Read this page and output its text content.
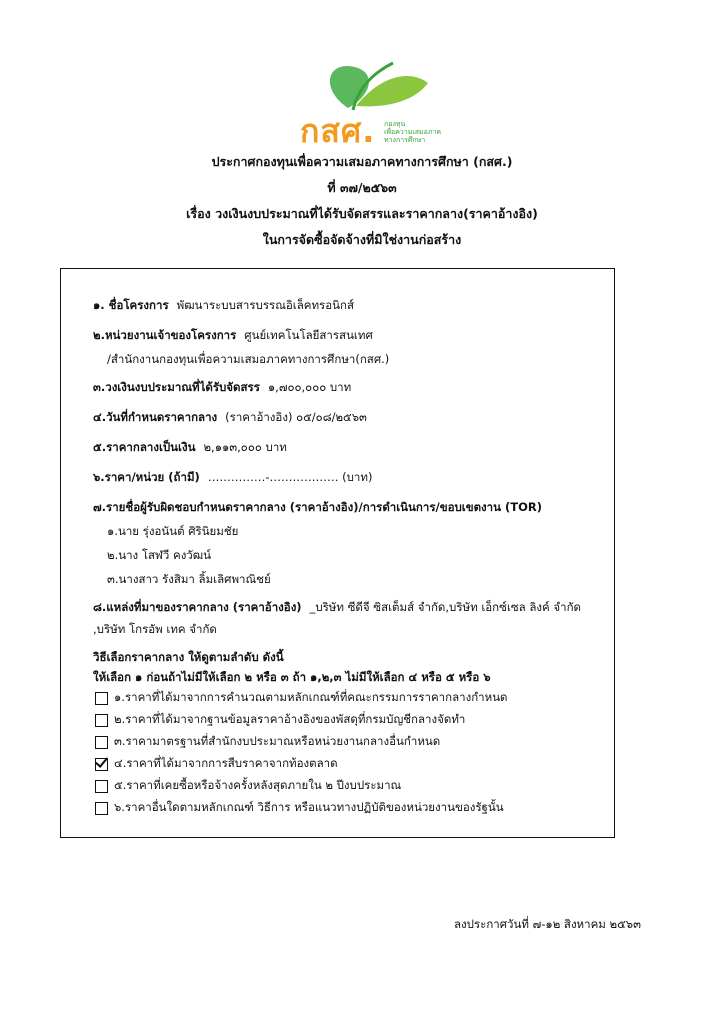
กสศ. กองทุน
เพื่อความเสมอภาค
ทางการศึกษา
ประกาศกองทุนเพื่อความเสมอภาคทางการศึกษา (กสศ.)
ที่ ๓๗/๒๕๖๓
เรื่อง วงเงินงบประมาณที่ได้รับจัดสรรและราคากลาง(ราคาอ้างอิง)
ในการจัดซื้อจัดจ้างที่มิใช่งานก่อสร้าง
๑. ชื่อโครงการ พัฒนาระบบสารบรรณอิเล็คทรอนิกส์
๒.หน่วยงานเจ้าของโครงการ ศูนย์เทคโนโลยีสารสนเทศ
/สำนักงานกองทุนเพื่อความเสมอภาคทางการศึกษา(กสศ.)
๓.วงเงินงบประมาณที่ได้รับจัดสรร ๑,๗๐๐,๐๐๐ บาท
๔.วันที่กำหนดราคากลาง (ราคาอ้างอิง) ๐๕/๐๘/๒๕๖๓
๕.ราคากลางเป็นเงิน ๒,๑๑๓,๐๐๐ บาท
๖.ราคา/หน่วย (ถ้ามี) ……………-……………… (บาท)
๗.รายชื่อผู้รับผิดชอบกำหนดราคากลาง (ราคาอ้างอิง)/การดำเนินการ/ขอบเขตงาน (TOR)
๑.นาย รุ่งอนันต์ ศิรินิยมชัย
๒.นาง โสฬวี คงวัฒน์
๓.นางสาว รังสิมา ลิ้มเลิศพาณิชย์
๘.แหล่งที่มาของราคากลาง (ราคาอ้างอิง) _บริษัท ซีดีจี ซิสเต็มส์ จำกัด,บริษัท เอ็กซ์เซล ลิงค์ จำกัด
,บริษัท โกรอัพ เทค จำกัด
วิธีเลือกราคากลาง ให้ดูตามลำดับ ดังนี้
ให้เลือก ๑ ก่อนถ้าไม่มีให้เลือก ๒ หรือ ๓ ถ้า ๑,๒,๓ ไม่มีให้เลือก ๔ หรือ ๕ หรือ ๖
๑.ราคาที่ได้มาจากการคำนวณตามหลักเกณฑ์ที่คณะกรรมการราคากลางกำหนด
๒.ราคาที่ได้มาจากฐานข้อมูลราคาอ้างอิงของพัสดุที่กรมบัญชีกลางจัดทำ
๓.ราคามาตรฐานที่สำนักงบประมาณหรือหน่วยงานกลางอื่นกำหนด
๔.ราคาที่ได้มาจากการสืบราคาจากท้องตลาด
๕.ราคาที่เคยซื้อหรือจ้างครั้งหลังสุดภายใน ๒ ปีงบประมาณ
๖.ราคาอื่นใดตามหลักเกณฑ์ วิธีการ หรือแนวทางปฏิบัติของหน่วยงานของรัฐนั้น
ลงประกาศวันที่ ๗-๑๒ สิงหาคม ๒๕๖๓
